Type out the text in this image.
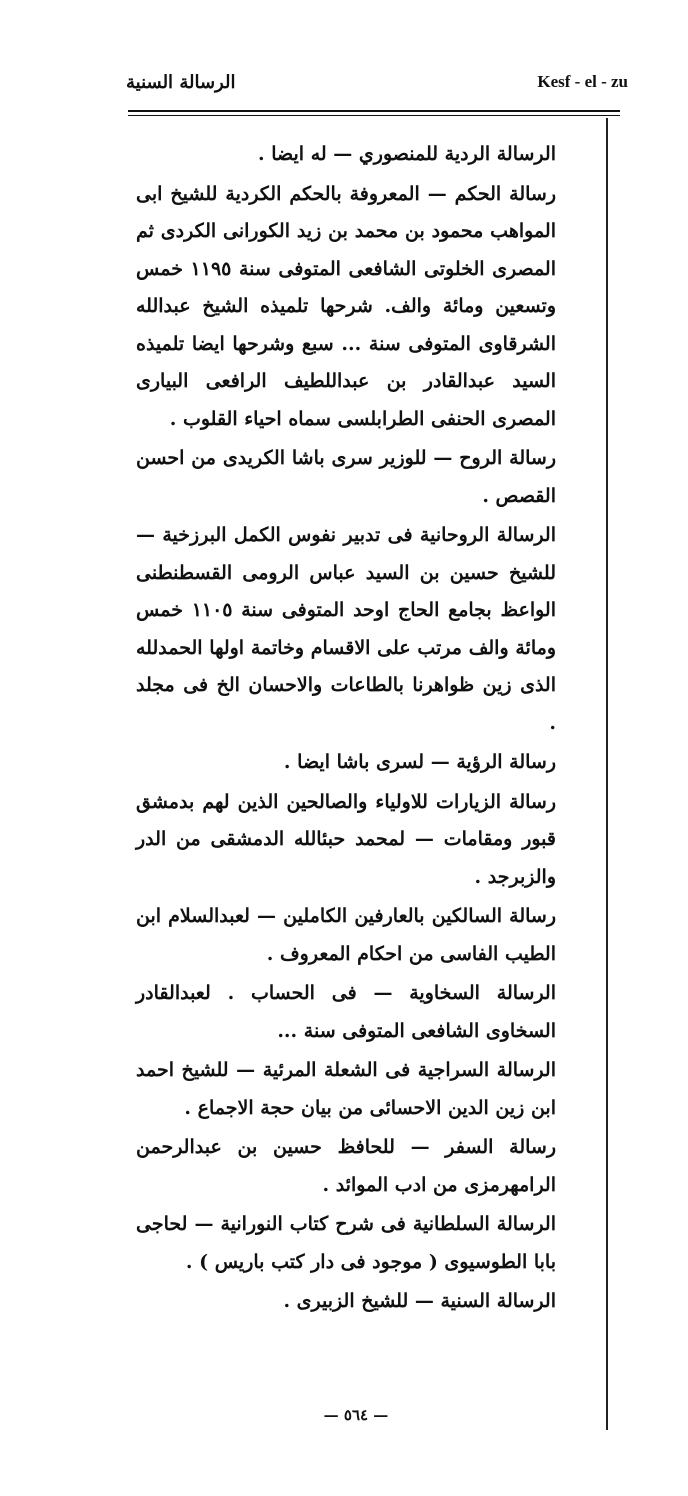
Kesf - el - zu
الرسالة السنية

الرسالة الردية للمنصوري — له ايضا .

رسالة الحكم — المعروفة بالحكم الكردية للشيخ ابى المواهب محمود بن محمد بن زيد الكورانى الكردى ثم المصرى الخلوتى الشافعى المتوفى سنة ١١٩٥ خمس وتسعين ومائة والف. شرحها تلميذه الشيخ عبدالله الشرقاوى المتوفى سنة ... سبع وشرحها ايضا تلميذه السيد عبدالقادر بن عبداللطيف الرافعى البيارى المصرى الحنفى الطرابلسى سماه احياء القلوب .

رسالة الروح — للوزير سرى باشا الكريدى من احسن القصص .

الرسالة الروحانية فى تدبير نفوس الكمل البرزخية — للشيخ حسين بن السيد عباس الرومى القسطنطنى الواعظ بجامع الحاج اوحد المتوفى سنة ١١٠٥ خمس ومائة والف مرتب على الاقسام وخاتمة اولها الحمدلله الذى زين ظواهرنا بالطاعات والاحسان الخ فى مجلد .

رسالة الرؤية — لسرى باشا ايضا .

رسالة الزيارات للاولياء والصالحين الذين لهم بدمشق قبور ومقامات — لمحمد حبئالله الدمشقى من الدر والزبرجد .

رسالة السالكين بالعارفين الكاملين — لعبدالسلام ابن الطيب الفاسى من احكام المعروف .

الرسالة السخاوية — فى الحساب . لعبدالقادر السخاوى الشافعى المتوفى سنة ...

الرسالة السراجية فى الشعلة المرئية — للشيخ احمد ابن زين الدين الاحسائى من بيان حجة الاجماع .

رسالة السفر — للحافظ حسين بن عبدالرحمن الرامهرمزى من ادب الموائد .

الرسالة السلطانية فى شرح كتاب النورانية — لحاجى بابا الطوسيوى ( موجود فى دار كتب باريس ) .

الرسالة السنية — للشيخ الزبيرى .

— ٥٦٤ —
